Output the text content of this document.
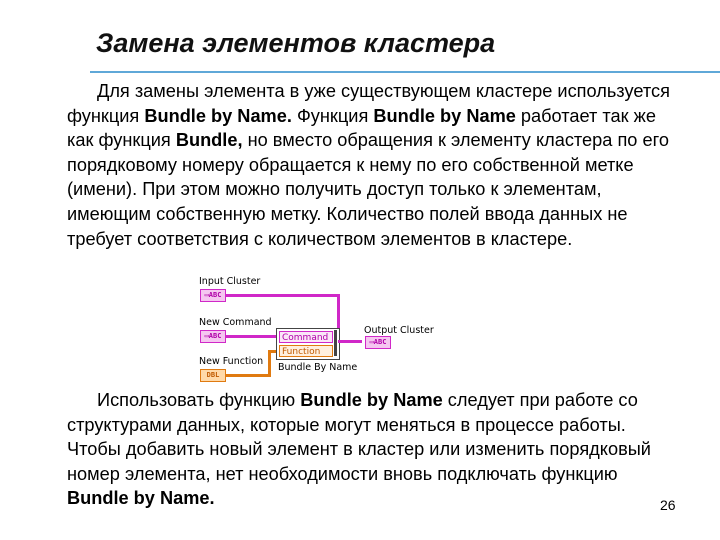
Замена элементов кластера

Для замены элемента в уже существующем кластере используется функция Bundle by Name. Функция Bundle by Name работает так же как функция Bundle, но вместо обращения к элементу кластера по его порядковому номеру обращается к нему по его собственной метке (имени). При этом можно получить доступ только к элементам, имеющим собственную метку. Количество полей ввода данных не требует соответствия с количеством элементов в кластере.

Input Cluster
▭ABC
New Command
▭ABC
New Function
DBL
Command
Function
Bundle By Name
Output Cluster
▭ABC

Использовать функцию Bundle by Name следует при работе со структурами данных, которые могут меняться в процессе работы. Чтобы добавить новый элемент в кластер или изменить порядковый номер элемента, нет необходимости вновь подключать функцию Bundle by Name.	26
